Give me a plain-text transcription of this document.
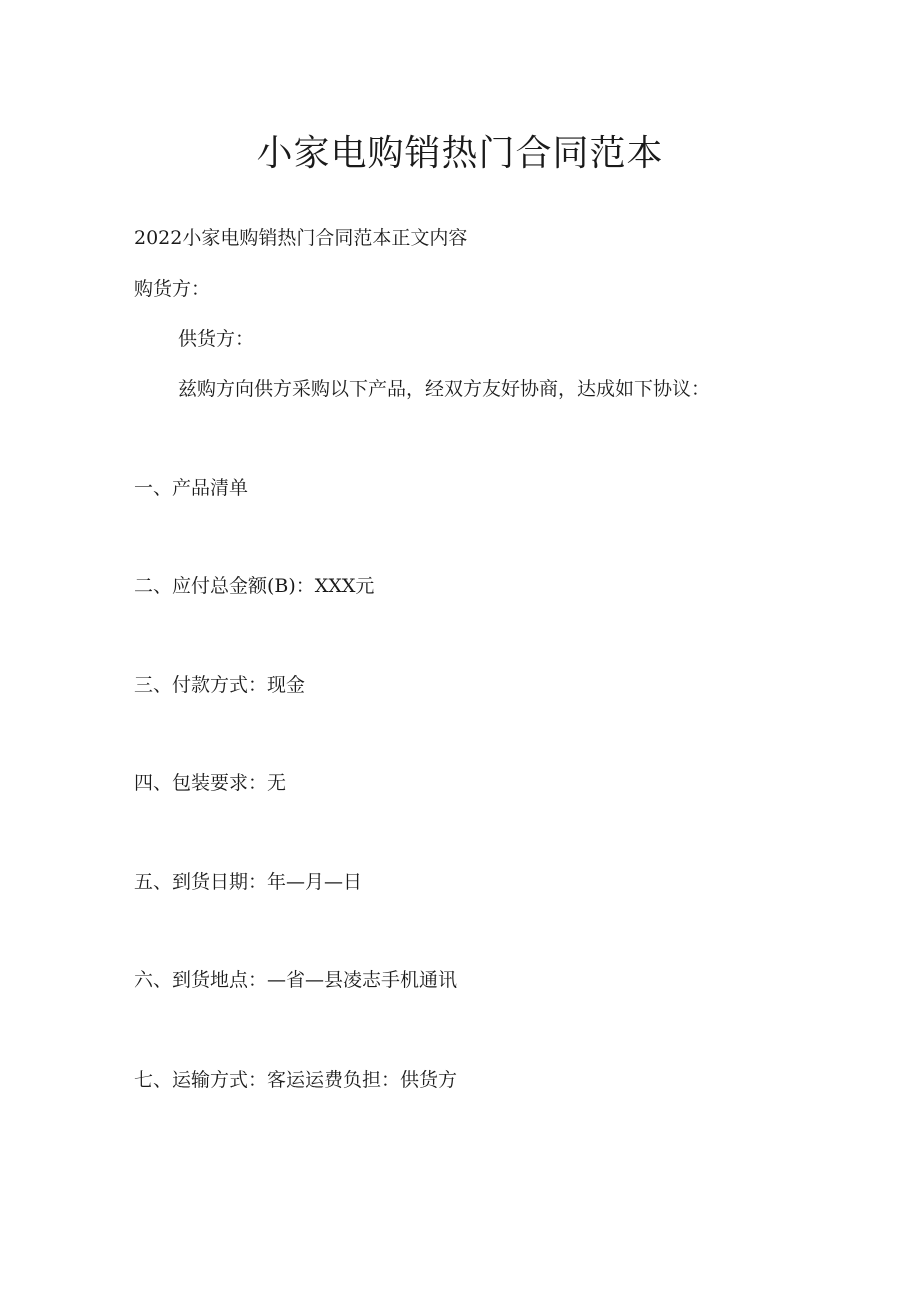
小家电购销热门合同范本

2022小家电购销热门合同范本正文内容

购货方：

供货方：

兹购方向供方采购以下产品，经双方友好协商，达成如下协议：

一、产品清单

二、应付总金额(B)：XXX元

三、付款方式：现金

四、包装要求：无

五、到货日期：年—月—日

六、到货地点：—省—县凌志手机通讯

七、运输方式：客运运费负担：供货方
